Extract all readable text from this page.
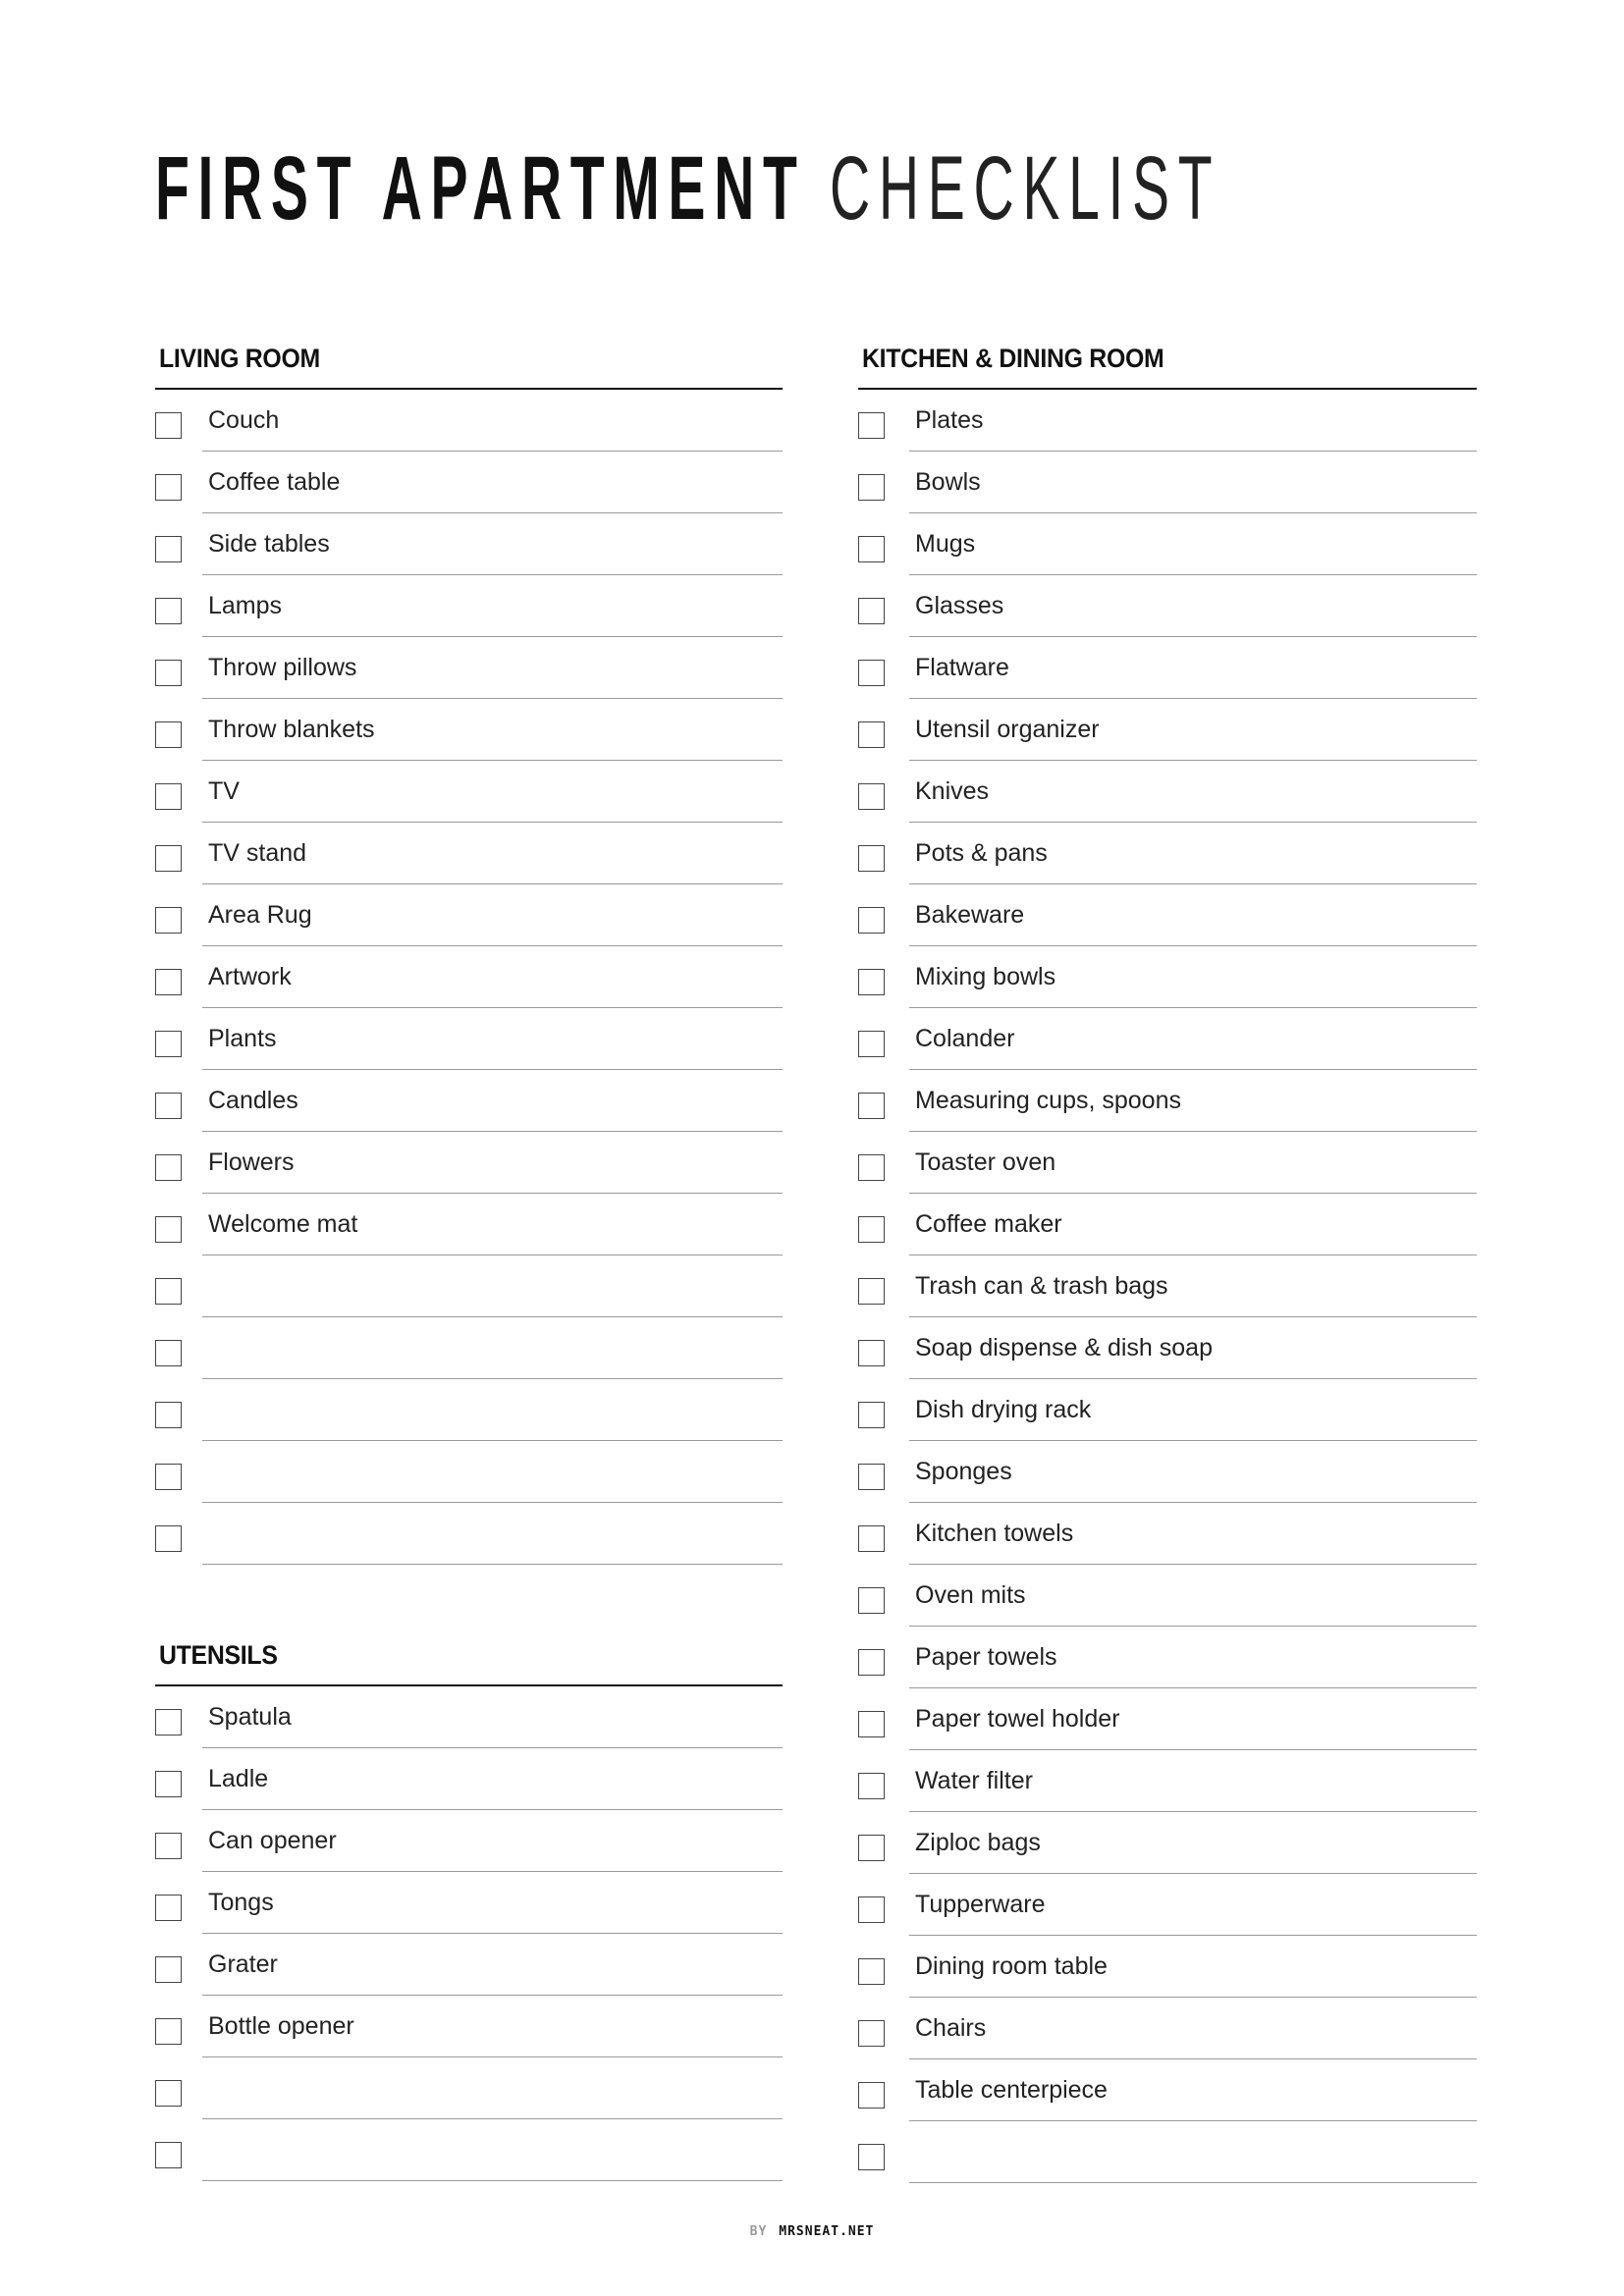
FIRST APARTMENT CHECKLIST
LIVING ROOM
Couch
Coffee table
Side tables
Lamps
Throw pillows
Throw blankets
TV
TV stand
Area Rug
Artwork
Plants
Candles
Flowers
Welcome mat
UTENSILS
Spatula
Ladle
Can opener
Tongs
Grater
Bottle opener
KITCHEN & DINING ROOM
Plates
Bowls
Mugs
Glasses
Flatware
Utensil organizer
Knives
Pots & pans
Bakeware
Mixing bowls
Colander
Measuring cups, spoons
Toaster oven
Coffee maker
Trash can & trash bags
Soap dispense & dish soap
Dish drying rack
Sponges
Kitchen towels
Oven mits
Paper towels
Paper towel holder
Water filter
Ziploc bags
Tupperware
Dining room table
Chairs
Table centerpiece
BY MRSNEAT.NET
